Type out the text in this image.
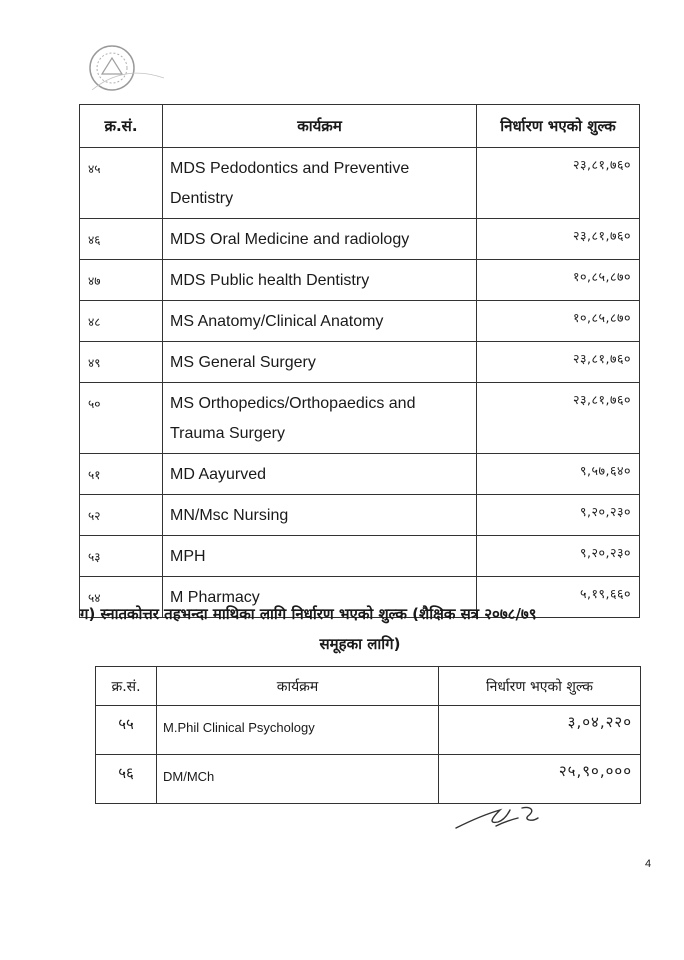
क्र.सं.	कार्यक्रम	निर्धारण भएको शुल्क
४५	MDS Pedodontics and Preventive Dentistry	२३,८१,७६०
४६	MDS Oral Medicine and radiology	२३,८१,७६०
४७	MDS Public health Dentistry	१०,८५,८७०
४८	MS Anatomy/Clinical Anatomy	१०,८५,८७०
४९	MS General Surgery	२३,८१,७६०
५०	MS Orthopedics/Orthopaedics and Trauma Surgery	२३,८१,७६०
५१	MD Aayurved	९,५७,६४०
५२	MN/Msc Nursing	९,२०,२३०
५३	MPH	९,२०,२३०
५४	M Pharmacy	५,१९,६६०
ग) स्नातकोत्तर तहभन्दा माथिका लागि निर्धारण भएको शुल्क (शैक्षिक सत्र २०७८/७९
समूहका लागि)
क्र.सं.	कार्यक्रम	निर्धारण भएको शुल्क
५५	M.Phil Clinical Psychology	३,०४,२२०
५६	DM/MCh	२५,९०,०००
4
